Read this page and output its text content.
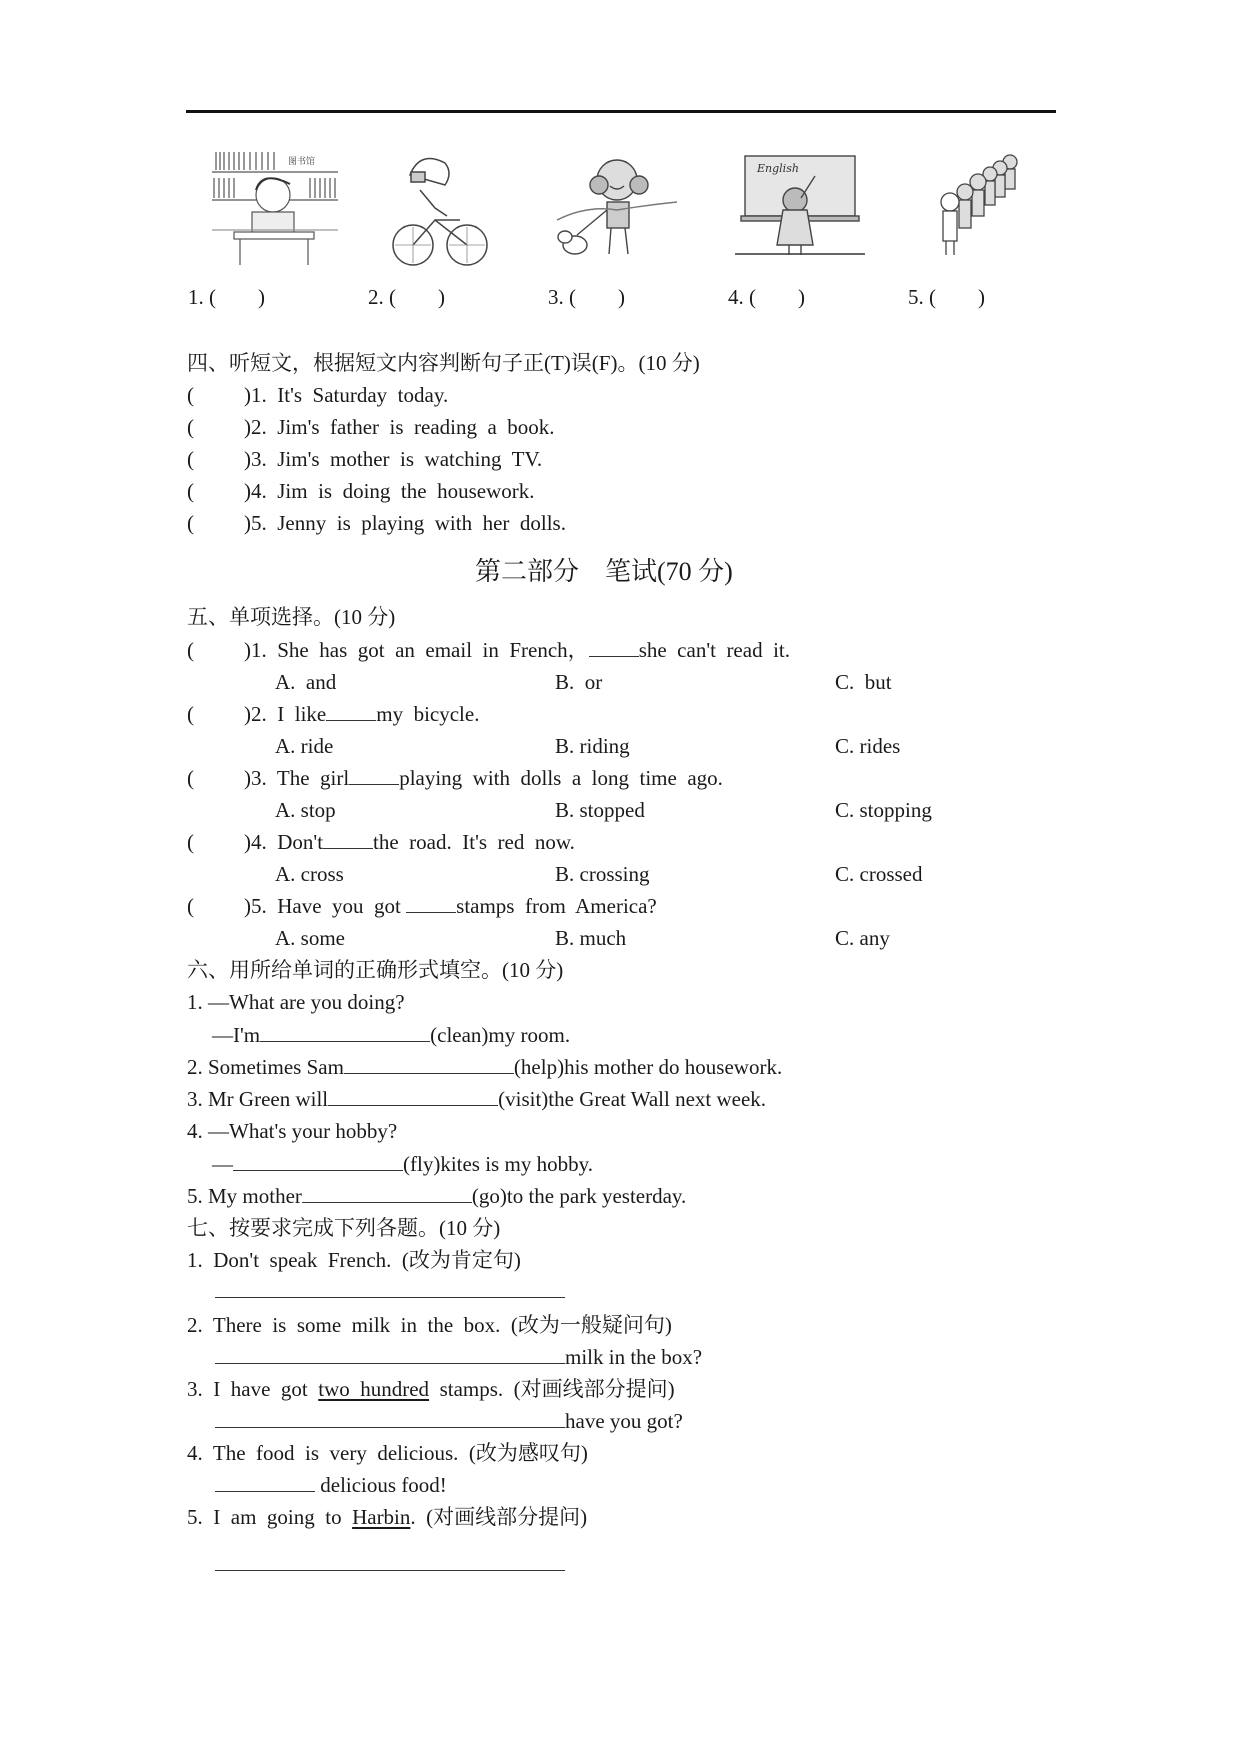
图书馆	English
1. (　　)	2. (　　)	3. (　　)	4. (　　)	5. (　　)
四、听短文，根据短文内容判断句子正(T)误(F)。(10 分)
( )1.  It's  Saturday  today.
( )2.  Jim's  father  is  reading  a  book.
( )3.  Jim's  mother  is  watching  TV.
( )4.  Jim  is  doing  the  housework.
( )5.  Jenny  is  playing  with  her  dolls.
第二部分　笔试(70 分)
五、单项选择。(10 分)
( )1.  She  has  got  an  email  in  French， she  can't  read  it.
A.  and	B.  or	C.  but
( )2.  I  like my  bicycle.
A. ride	B. riding	C. rides
( )3.  The  girl playing  with  dolls  a  long  time  ago.
A. stop	B. stopped	C. stopping
( )4.  Don't the  road.  It's  red  now.
A. cross	B. crossing	C. crossed
( )5.  Have  you  got stamps  from  America?
A. some	B. much	C. any
六、用所给单词的正确形式填空。(10 分)
1. —What are you doing?
—I'm	(clean)my room.
2. Sometimes Sam	(help)his mother do housework.
3. Mr Green will	(visit)the Great Wall next week.
4. —What's your hobby?
—	(fly)kites is my hobby.
5. My mother	(go)to the park yesterday.
七、按要求完成下列各题。(10 分)
1.  Don't  speak  French.  (改为肯定句)
2.  There  is  some  milk  in  the  box.  (改为一般疑问句)
milk in the box?
3.  I  have  got  two  hundred  stamps.  (对画线部分提问)
have you got?
4.  The  food  is  very  delicious.  (改为感叹句)
delicious food!
5.  I  am  going  to  Harbin.  (对画线部分提问)
